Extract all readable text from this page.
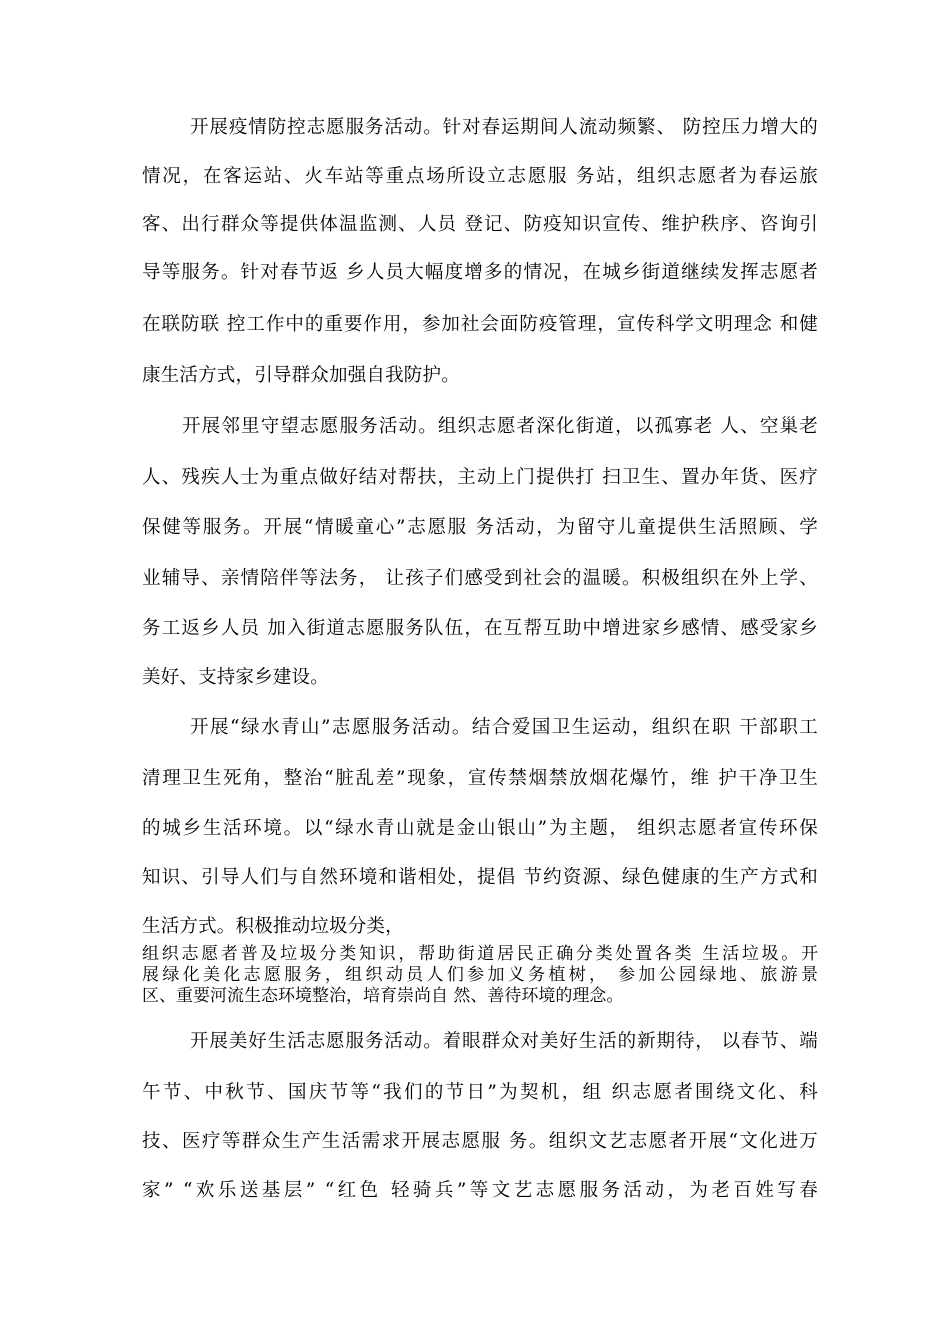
开展疫情防控志愿服务活动。针对春运期间人流动频繁、 防控压力增大的
情况，在客运站、火车站等重点场所设立志愿服 务站，组织志愿者为春运旅
客、出行群众等提供体温监测、人员 登记、防疫知识宣传、维护秩序、咨询引
导等服务。针对春节返 乡人员大幅度增多的情况，在城乡街道继续发挥志愿者
在联防联 控工作中的重要作用，参加社会面防疫管理，宣传科学文明理念 和健
康生活方式，引导群众加强自我防护。
开展邻里守望志愿服务活动。组织志愿者深化街道，以孤寡老 人、空巢老
人、残疾人士为重点做好结对帮扶，主动上门提供打 扫卫生、置办年货、医疗
保健等服务。开展“情暖童心”志愿服 务活动，为留守儿童提供生活照顾、学
业辅导、亲情陪伴等法务， 让孩子们感受到社会的温暖。积极组织在外上学、
务工返乡人员 加入街道志愿服务队伍，在互帮互助中增进家乡感情、感受家乡
美好、支持家乡建设。
开展“绿水青山”志愿服务活动。结合爱国卫生运动，组织在职 干部职工
清理卫生死角，整治“脏乱差”现象，宣传禁烟禁放烟花爆竹，维 护干净卫生
的城乡生活环境。以“绿水青山就是金山银山”为主题， 组织志愿者宣传环保
知识、引导人们与自然环境和谐相处，提倡 节约资源、绿色健康的生产方式和
生活方式。积极推动垃圾分类，
组织志愿者普及垃圾分类知识，帮助街道居民正确分类处置各类 生活垃圾。开
展绿化美化志愿服务，组织动员人们参加义务植树， 参加公园绿地、旅游景
区、重要河流生态环境整治，培育崇尚自 然、善待环境的理念。
开展美好生活志愿服务活动。着眼群众对美好生活的新期待， 以春节、端
午节、中秋节、国庆节等“我们的节日”为契机，组 织志愿者围绕文化、科
技、医疗等群众生产生活需求开展志愿服 务。组织文艺志愿者开展“文化进万
家” “欢乐送基层” “红色 轻骑兵”等文艺志愿服务活动，为老百姓写春
